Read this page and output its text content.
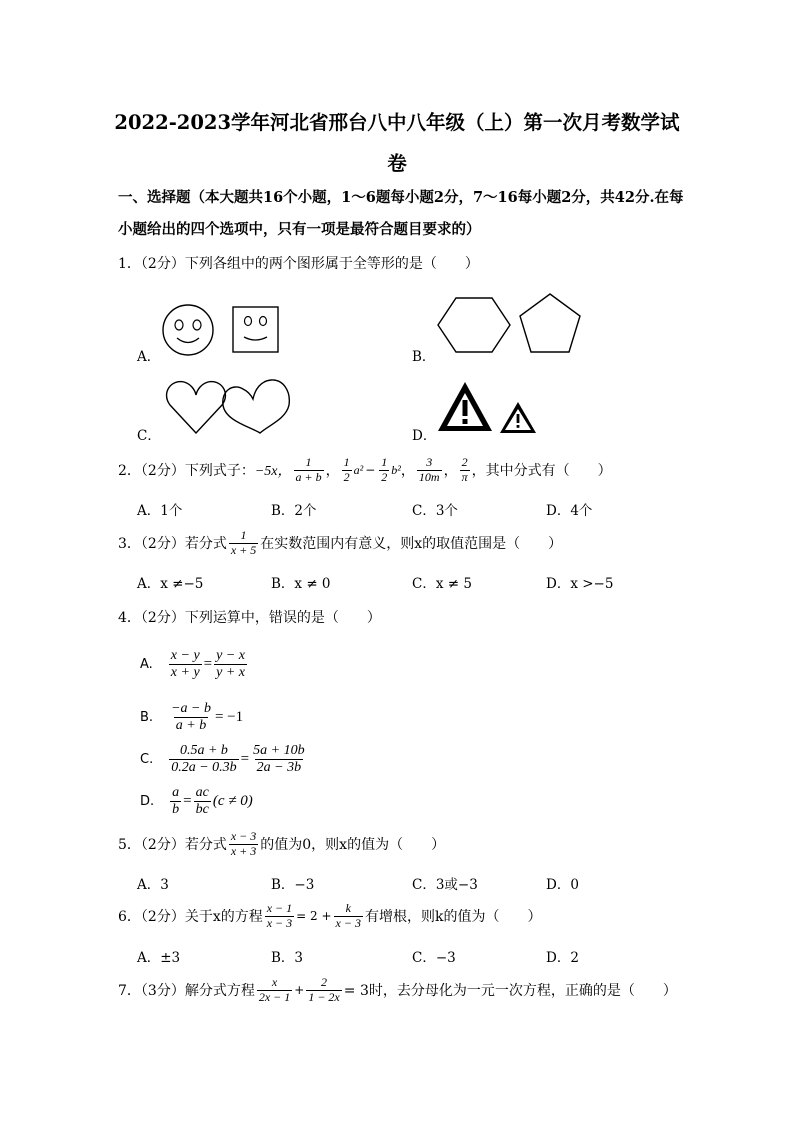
2022-2023学年河北省邢台八中八年级（上）第一次月考数学试
卷
一、选择题（本大题共16个小题，1～6题每小题2分，7～16每小题2分，共42分.在每
小题给出的四个选项中，只有一项是最符合题目要求的）
1．（2分）下列各组中的两个图形属于全等形的是（　　）
A．	B．
C．	D．
2．（2分）下列式子： −5x， $\frac{1}{a + b}$ ， $\frac{1}{2} a^2 - \frac{1}{2} b^2$ ， $\frac{3}{10m}$ ， $\frac{2}{\pi}$ ，其中分式有（　　）
A．1个	B．2个	C．3个	D．4个
3．（2分）若分式 $\frac{1}{x + 5}$ 在实数范围内有意义，则x的取值范围是（　　）
A．x ≠−5	B．x ≠ 0	C．x ≠ 5	D．x >−5
4．（2分）下列运算中，错误的是（　　）
A. $\frac{x - y}{x + y} = \frac{y - x}{y + x}$
B. $\frac{-a - b}{a + b} = -1$
C. $\frac{0.5a + b}{0.2a - 0.3b} = \frac{5a + 10b}{2a - 3b}$
D. $\frac{a}{b} = \frac{ac}{bc} (c \ne 0)$
5．（2分）若分式 $\frac{x - 3}{x + 3}$ 的值为0，则x的值为（　　）
A．3	B．−3	C．3或−3	D．0
6．（2分）关于x的方程 $\frac{x - 1}{x - 3} = 2 + \frac{k}{x - 3}$ 有增根，则k的值为（　　）
A．±3	B．3	C．−3	D．2
7．（3分）解分式方程 $\frac{x}{2x - 1} + \frac{2}{1 - 2x} = 3$时，去分母化为一元一次方程，正确的是（　　）
